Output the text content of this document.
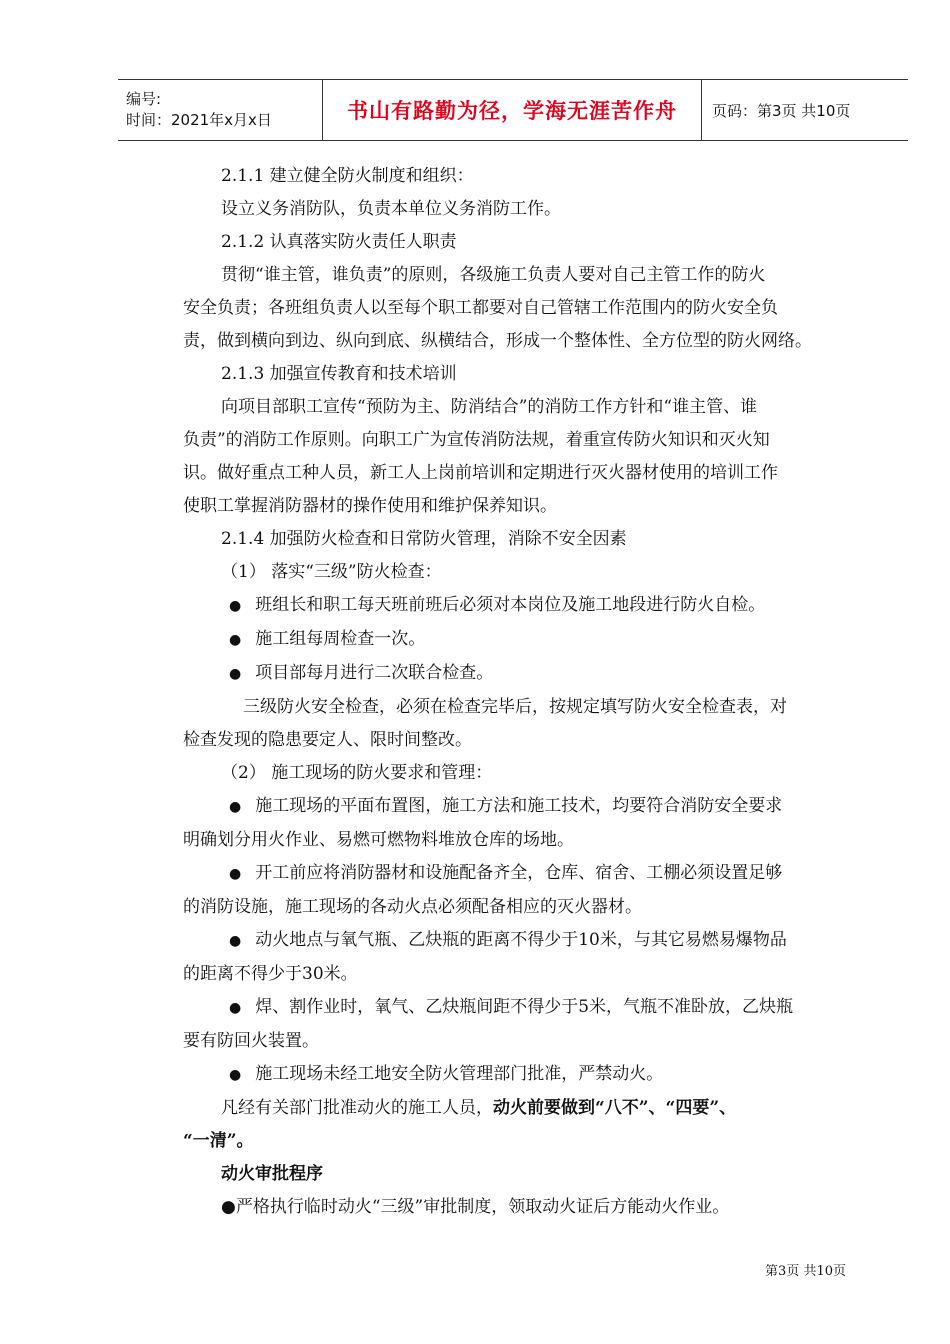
编号:
时间：2021年x月x日	书山有路勤为径，学海无涯苦作舟	页码：第3页 共10页
2.1.1 建立健全防火制度和组织：
设立义务消防队，负责本单位义务消防工作。
2.1.2 认真落实防火责任人职责
贯彻“谁主管，谁负责”的原则，各级施工负责人要对自己主管工作的防火
安全负责；各班组负责人以至每个职工都要对自己管辖工作范围内的防火安全负
责，做到横向到边、纵向到底、纵横结合，形成一个整体性、全方位型的防火网络。
2.1.3 加强宣传教育和技术培训
向项目部职工宣传“预防为主、防消结合”的消防工作方针和“谁主管、谁
负责”的消防工作原则。向职工广为宣传消防法规，着重宣传防火知识和灭火知
识。做好重点工种人员，新工人上岗前培训和定期进行灭火器材使用的培训工作
使职工掌握消防器材的操作使用和维护保养知识。
2.1.4 加强防火检查和日常防火管理，消除不安全因素
（1） 落实“三级”防火检查：
● 班组长和职工每天班前班后必须对本岗位及施工地段进行防火自检。
● 施工组每周检查一次。
● 项目部每月进行二次联合检查。
三级防火安全检查，必须在检查完毕后，按规定填写防火安全检查表，对
检查发现的隐患要定人、限时间整改。
（2） 施工现场的防火要求和管理：
● 施工现场的平面布置图，施工方法和施工技术，均要符合消防安全要求
明确划分用火作业、易燃可燃物料堆放仓库的场地。
● 开工前应将消防器材和设施配备齐全，仓库、宿舍、工棚必须设置足够
的消防设施，施工现场的各动火点必须配备相应的灭火器材。
● 动火地点与氧气瓶、乙炔瓶的距离不得少于10米，与其它易燃易爆物品
的距离不得少于30米。
● 焊、割作业时，氧气、乙炔瓶间距不得少于5米，气瓶不准卧放，乙炔瓶
要有防回火装置。
● 施工现场未经工地安全防火管理部门批准，严禁动火。
凡经有关部门批准动火的施工人员，动火前要做到“八不”、“四要”、
“一清”。
动火审批程序
●严格执行临时动火“三级”审批制度，领取动火证后方能动火作业。
第3页 共10页
